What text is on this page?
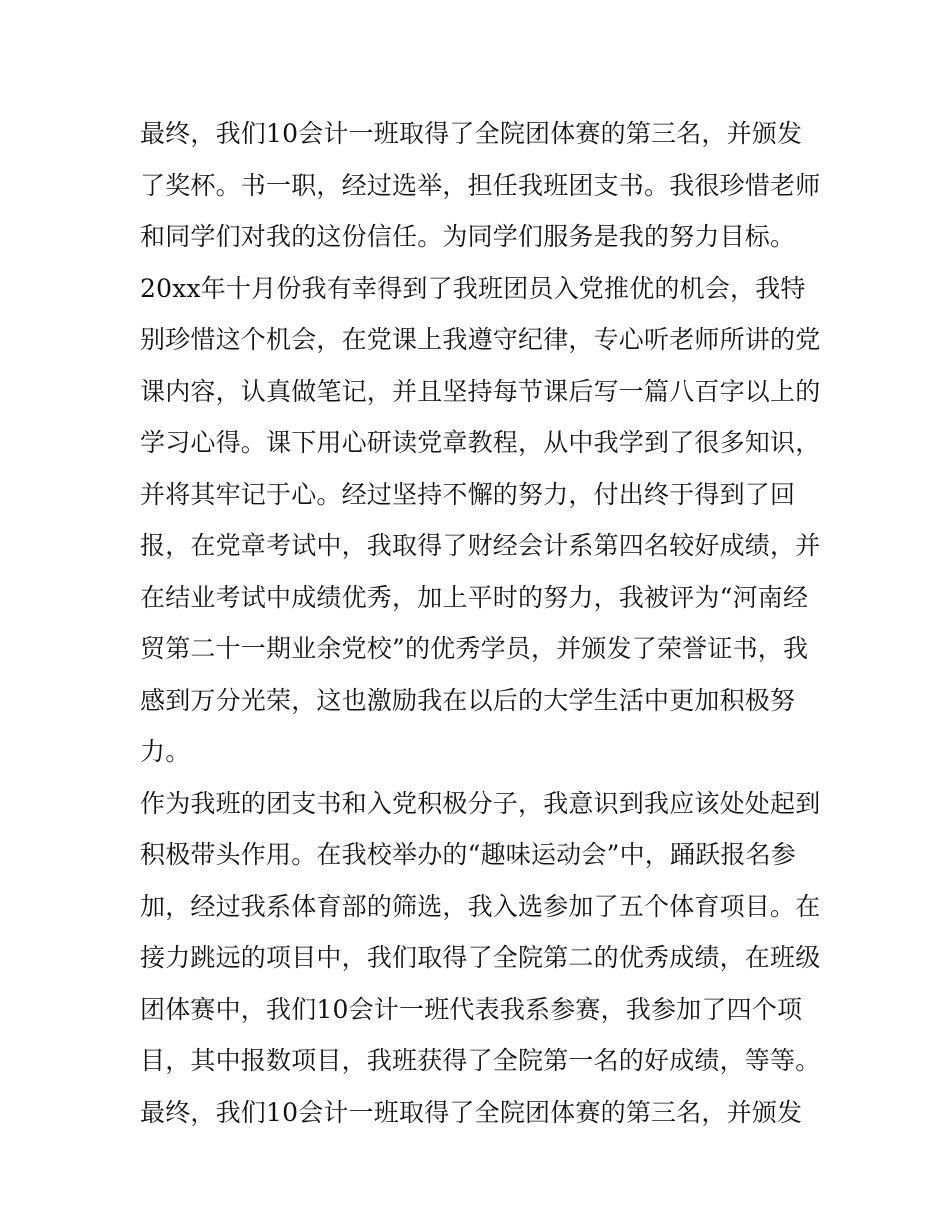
最终，我们10会计一班取得了全院团体赛的第三名，并颁发
了奖杯。书一职，经过选举，担任我班团支书。我很珍惜老师
和同学们对我的这份信任。为同学们服务是我的努力目标。
20xx年十月份我有幸得到了我班团员入党推优的机会，我特
别珍惜这个机会，在党课上我遵守纪律，专心听老师所讲的党
课内容，认真做笔记，并且坚持每节课后写一篇八百字以上的
学习心得。课下用心研读党章教程，从中我学到了很多知识，
并将其牢记于心。经过坚持不懈的努力，付出终于得到了回
报，在党章考试中，我取得了财经会计系第四名较好成绩，并
在结业考试中成绩优秀，加上平时的努力，我被评为“河南经
贸第二十一期业余党校”的优秀学员，并颁发了荣誉证书，我
感到万分光荣，这也激励我在以后的大学生活中更加积极努
力。
作为我班的团支书和入党积极分子，我意识到我应该处处起到
积极带头作用。在我校举办的“趣味运动会”中，踊跃报名参
加，经过我系体育部的筛选，我入选参加了五个体育项目。在
接力跳远的项目中，我们取得了全院第二的优秀成绩，在班级
团体赛中，我们10会计一班代表我系参赛，我参加了四个项
目，其中报数项目，我班获得了全院第一名的好成绩，等等。
最终，我们10会计一班取得了全院团体赛的第三名，并颁发
